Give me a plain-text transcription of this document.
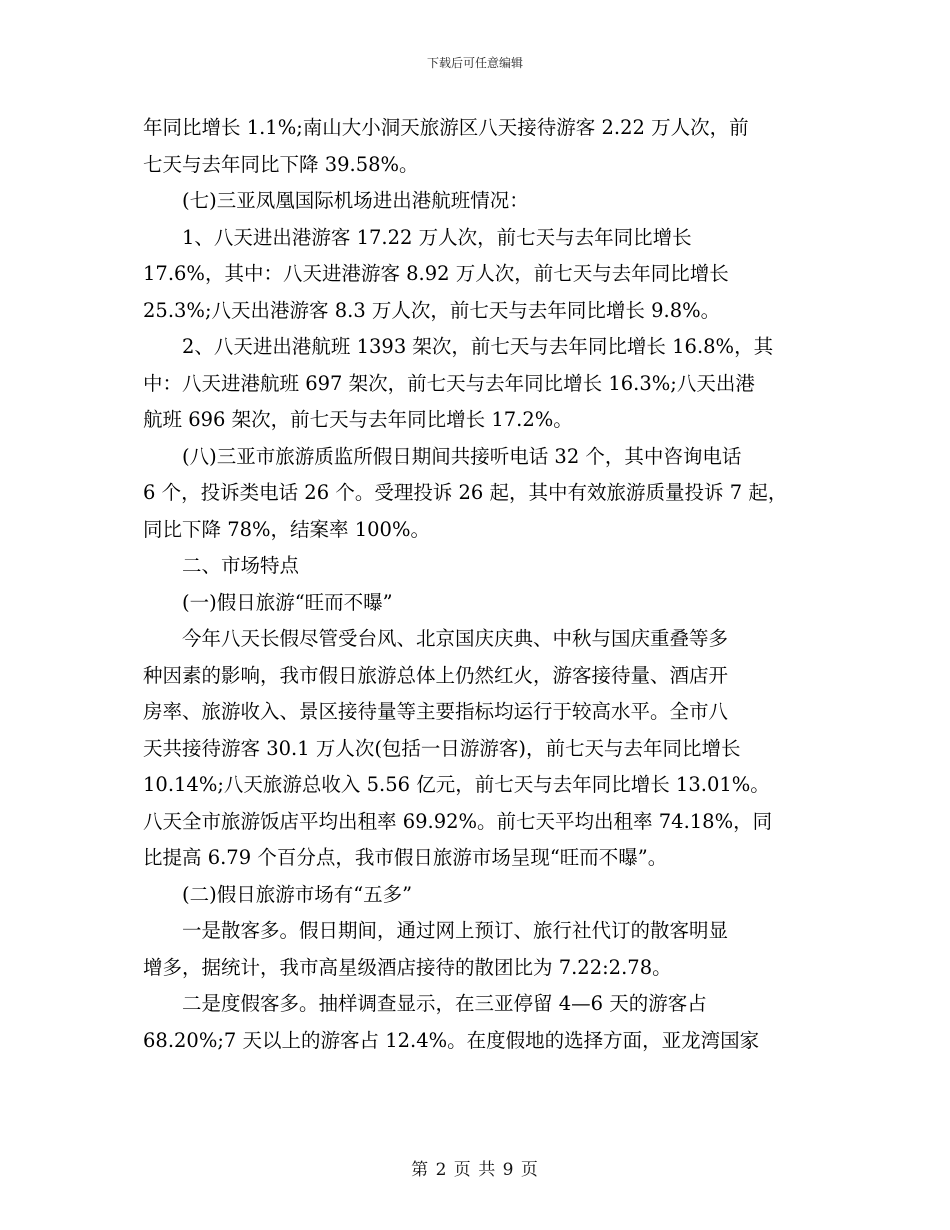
下载后可任意编辑

年同比增长 1.1%;南山大小洞天旅游区八天接待游客 2.22 万人次，前

七天与去年同比下降 39.58%。

(七)三亚凤凰国际机场进出港航班情况：

1、八天进出港游客 17.22 万人次，前七天与去年同比增长

17.6%，其中：八天进港游客 8.92 万人次，前七天与去年同比增长

25.3%;八天出港游客 8.3 万人次，前七天与去年同比增长 9.8%。

2、八天进出港航班 1393 架次，前七天与去年同比增长 16.8%，其

中：八天进港航班 697 架次，前七天与去年同比增长 16.3%;八天出港

航班 696 架次，前七天与去年同比增长 17.2%。

(八)三亚市旅游质监所假日期间共接听电话 32 个，其中咨询电话

6 个，投诉类电话 26 个。受理投诉 26 起，其中有效旅游质量投诉 7 起，

同比下降 78%，结案率 100%。

二、市场特点

(一)假日旅游“旺而不曝”

今年八天长假尽管受台风、北京国庆庆典、中秋与国庆重叠等多

种因素的影响，我市假日旅游总体上仍然红火，游客接待量、酒店开

房率、旅游收入、景区接待量等主要指标均运行于较高水平。全市八

天共接待游客 30.1 万人次(包括一日游游客)，前七天与去年同比增长

10.14%;八天旅游总收入 5.56 亿元，前七天与去年同比增长 13.01%。

八天全市旅游饭店平均出租率 69.92%。前七天平均出租率 74.18%，同

比提高 6.79 个百分点，我市假日旅游市场呈现“旺而不曝”。

(二)假日旅游市场有“五多”

一是散客多。假日期间，通过网上预订、旅行社代订的散客明显

增多，据统计，我市高星级酒店接待的散团比为 7.22:2.78。

二是度假客多。抽样调查显示，在三亚停留 4—6 天的游客占

68.20%;7 天以上的游客占 12.4%。在度假地的选择方面，亚龙湾国家

第 2 页 共 9 页
